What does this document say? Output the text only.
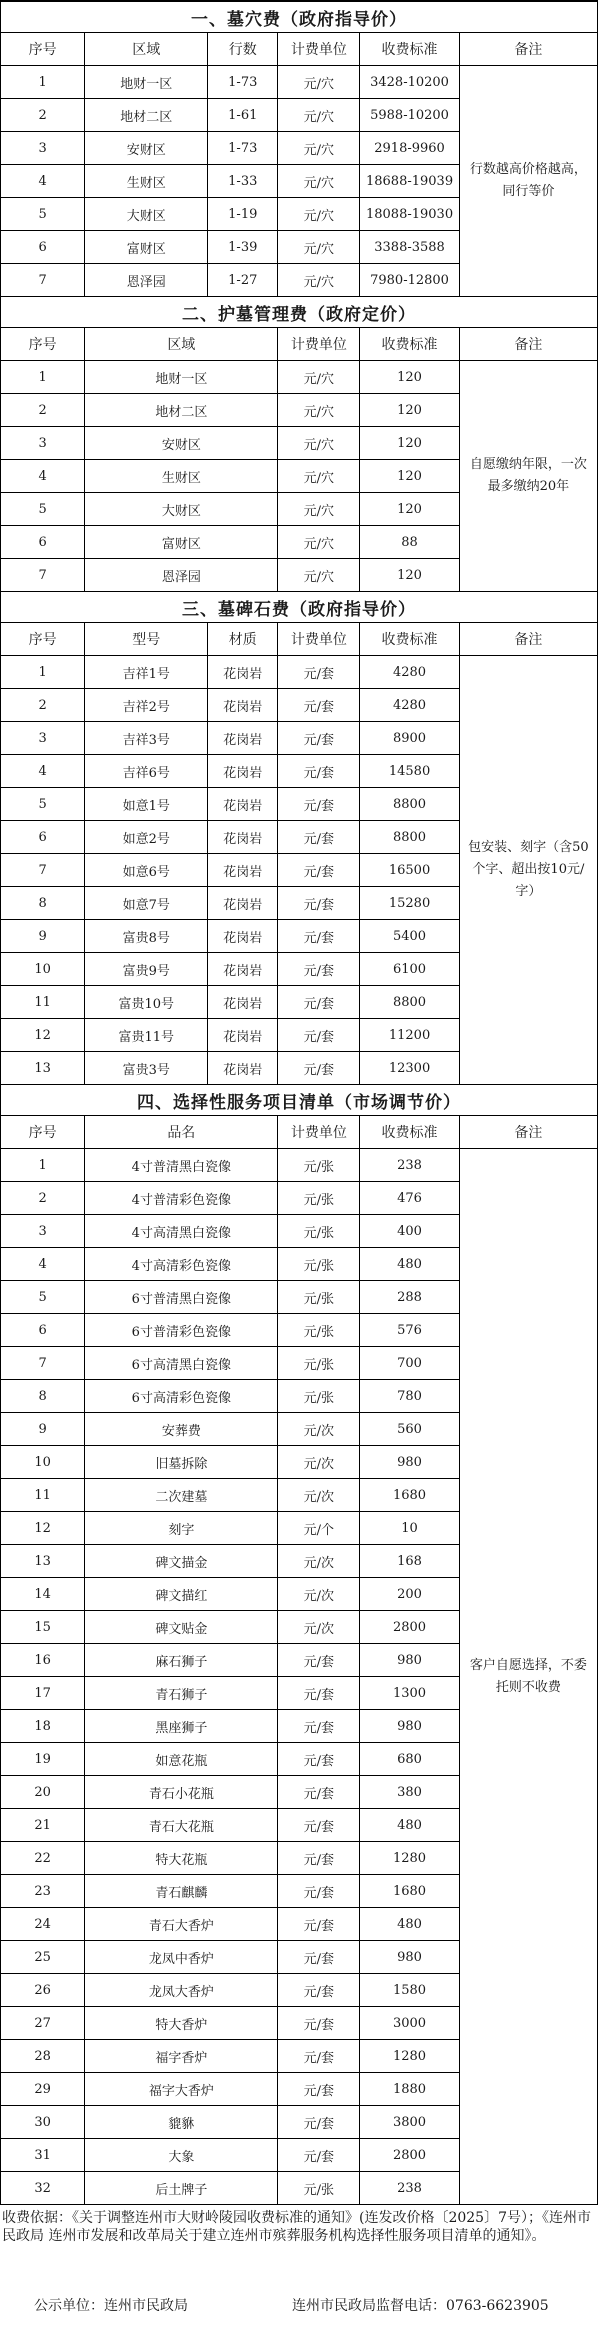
一、墓穴费（政府指导价）					
序号	区域	行数	计费单位	收费标准	备注
1	地财一区	1-73	元/穴	3428-10200	行数越高价格越高，同行等价
2	地材二区	1-61	元/穴	5988-10200	
3	安财区	1-73	元/穴	2918-9960	
4	生财区	1-33	元/穴	18688-19039	
5	大财区	1-19	元/穴	18088-19030	
6	富财区	1-39	元/穴	3388-3588	
7	恩泽园	1-27	元/穴	7980-12800	
二、护墓管理费（政府定价）					
序号	区域		计费单位	收费标准	备注
1	地财一区		元/穴	120	自愿缴纳年限，一次最多缴纳20年
2	地材二区		元/穴	120	
3	安财区		元/穴	120	
4	生财区		元/穴	120	
5	大财区		元/穴	120	
6	富财区		元/穴	88	
7	恩泽园		元/穴	120	
三、墓碑石费（政府指导价）					
序号	型号	材质	计费单位	收费标准	备注
1	吉祥1号	花岗岩	元/套	4280	包安装、刻字（含50个字、超出按10元/字）
2	吉祥2号	花岗岩	元/套	4280	
3	吉祥3号	花岗岩	元/套	8900	
4	吉祥6号	花岗岩	元/套	14580	
5	如意1号	花岗岩	元/套	8800	
6	如意2号	花岗岩	元/套	8800	
7	如意6号	花岗岩	元/套	16500	
8	如意7号	花岗岩	元/套	15280	
9	富贵8号	花岗岩	元/套	5400	
10	富贵9号	花岗岩	元/套	6100	
11	富贵10号	花岗岩	元/套	8800	
12	富贵11号	花岗岩	元/套	11200	
13	富贵3号	花岗岩	元/套	12300	
四、选择性服务项目清单（市场调节价）					
序号	品名		计费单位	收费标准	备注
1	4寸普清黑白瓷像		元/张	238	客户自愿选择，不委托则不收费
2	4寸普清彩色瓷像		元/张	476	
3	4寸高清黑白瓷像		元/张	400	
4	4寸高清彩色瓷像		元/张	480	
5	6寸普清黑白瓷像		元/张	288	
6	6寸普清彩色瓷像		元/张	576	
7	6寸高清黑白瓷像		元/张	700	
8	6寸高清彩色瓷像		元/张	780	
9	安葬费		元/次	560	
10	旧墓拆除		元/次	980	
11	二次建墓		元/次	1680	
12	刻字		元/个	10	
13	碑文描金		元/次	168	
14	碑文描红		元/次	200	
15	碑文贴金		元/次	2800	
16	麻石狮子		元/套	980	
17	青石狮子		元/套	1300	
18	黑座狮子		元/套	980	
19	如意花瓶		元/套	680	
20	青石小花瓶		元/套	380	
21	青石大花瓶		元/套	480	
22	特大花瓶		元/套	1280	
23	青石麒麟		元/套	1680	
24	青石大香炉		元/套	480	
25	龙凤中香炉		元/套	980	
26	龙凤大香炉		元/套	1580	
27	特大香炉		元/套	3000	
28	福字香炉		元/套	1280	
29	福字大香炉		元/套	1880	
30	貔貅		元/套	3800	
31	大象		元/套	2800	
32	后土牌子		元/张	238	

收费依据：《关于调整连州市大财岭陵园收费标准的通知》(连发改价格〔2025〕7号）；《连州市民政局 连州市发展和改革局关于建立连州市殡葬服务机构选择性服务项目清单的通知》。

公示单位：连州市民政局	连州市民政局监督电话：0763-6623905
